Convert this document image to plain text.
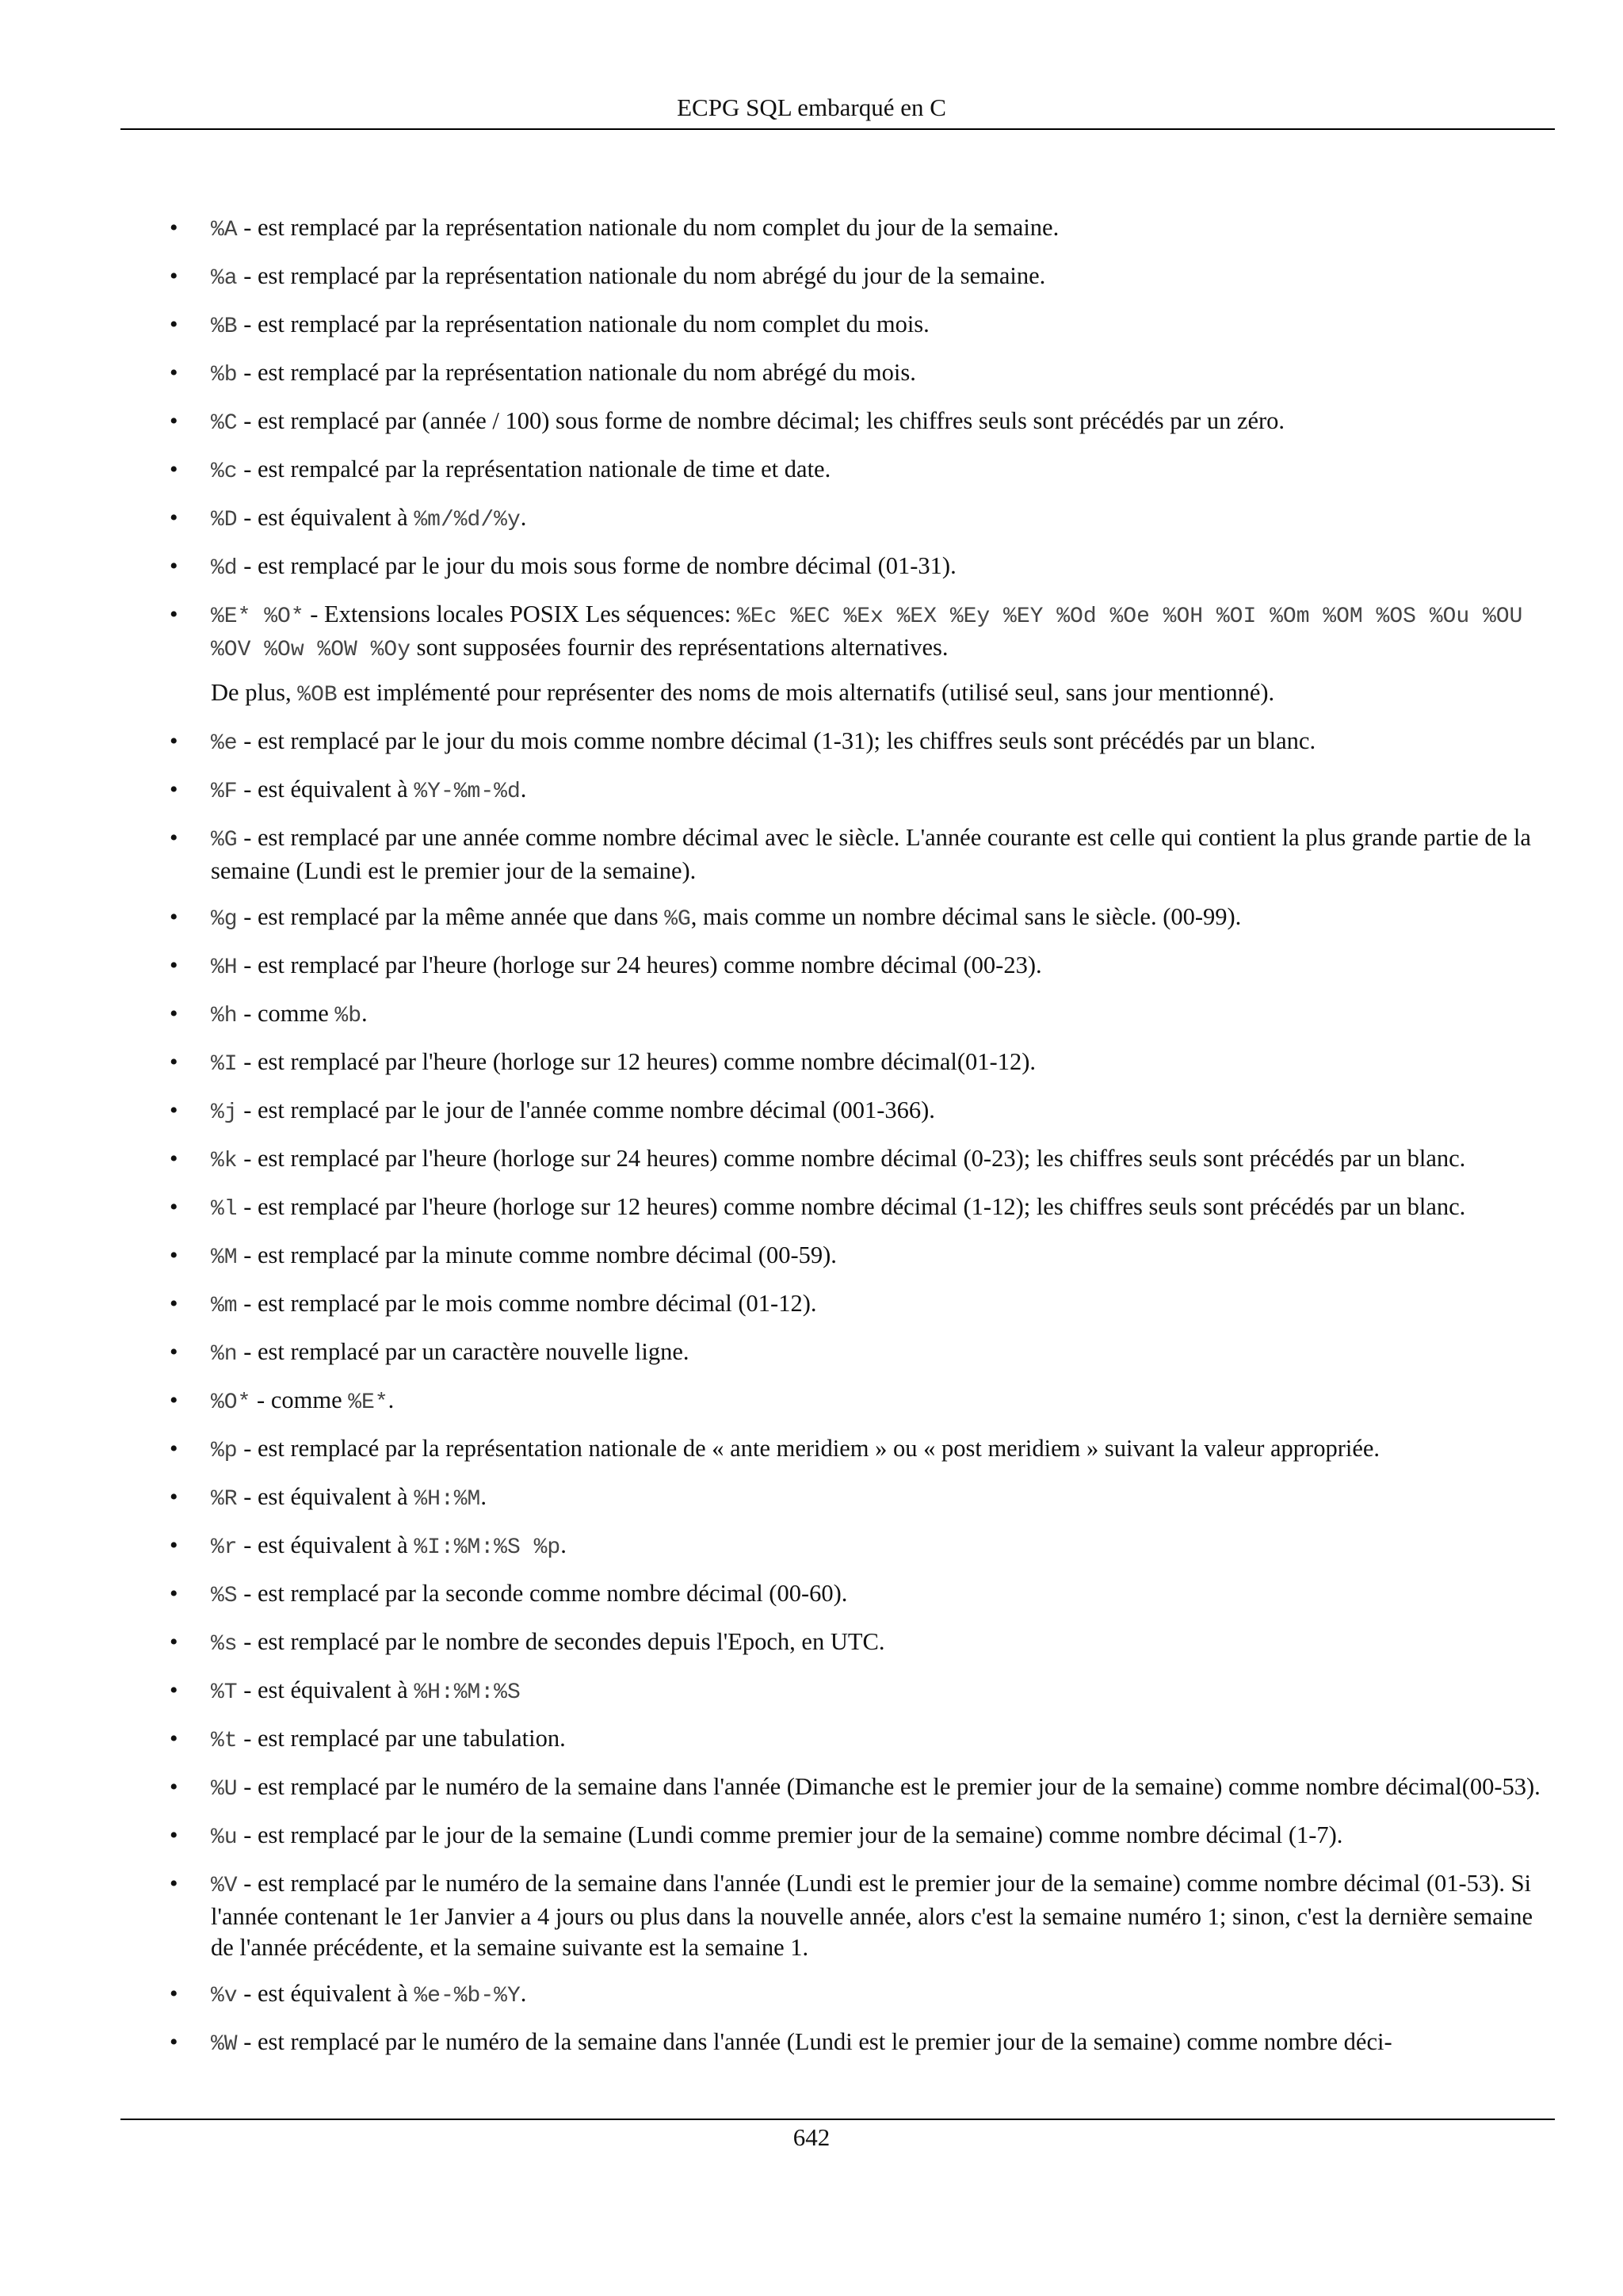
ECPG SQL embarqué en C
• %A - est remplacé par la représentation nationale du nom complet du jour de la semaine.
• %a - est remplacé par la représentation nationale du nom abrégé du jour de la semaine.
• %B - est remplacé par la représentation nationale du nom complet du mois.
• %b - est remplacé par la représentation nationale du nom abrégé du mois.
• %C - est remplacé par (année / 100) sous forme de nombre décimal; les chiffres seuls sont précédés par un zéro.
• %c - est rempalcé par la représentation nationale de time et date.
• %D - est équivalent à %m/%d/%y.
• %d - est remplacé par le jour du mois sous forme de nombre décimal (01-31).
• %E* %O* - Extensions locales POSIX Les séquences: %Ec %EC %Ex %EX %Ey %EY %Od %Oe %OH %OI %Om %OM %OS %Ou %OU %OV %Ow %OW %Oy sont supposées fournir des représentations alternatives.
De plus, %OB est implémenté pour représenter des noms de mois alternatifs (utilisé seul, sans jour mentionné).
• %e - est remplacé par le jour du mois comme nombre décimal (1-31); les chiffres seuls sont précédés par un blanc.
• %F - est équivalent à %Y-%m-%d.
• %G - est remplacé par une année comme nombre décimal avec le siècle. L'année courante est celle qui contient la plus grande partie de la semaine (Lundi est le premier jour de la semaine).
• %g - est remplacé par la même année que dans %G, mais comme un nombre décimal sans le siècle. (00-99).
• %H - est remplacé par l'heure (horloge sur 24 heures) comme nombre décimal (00-23).
• %h - comme %b.
• %I - est remplacé par l'heure (horloge sur 12 heures) comme nombre décimal(01-12).
• %j - est remplacé par le jour de l'année comme nombre décimal (001-366).
• %k - est remplacé par l'heure (horloge sur 24 heures) comme nombre décimal (0-23); les chiffres seuls sont précédés par un blanc.
• %l - est remplacé par l'heure (horloge sur 12 heures) comme nombre décimal (1-12); les chiffres seuls sont précédés par un blanc.
• %M - est remplacé par la minute comme nombre décimal (00-59).
• %m - est remplacé par le mois comme nombre décimal (01-12).
• %n - est remplacé par un caractère nouvelle ligne.
• %O* - comme %E*.
• %p - est remplacé par la représentation nationale de « ante meridiem » ou « post meridiem » suivant la valeur appropriée.
• %R - est équivalent à %H:%M.
• %r - est équivalent à %I:%M:%S %p.
• %S - est remplacé par la seconde comme nombre décimal (00-60).
• %s - est remplacé par le nombre de secondes depuis l'Epoch, en UTC.
• %T - est équivalent à %H:%M:%S
• %t - est remplacé par une tabulation.
• %U - est remplacé par le numéro de la semaine dans l'année (Dimanche est le premier jour de la semaine) comme nombre décimal(00-53).
• %u - est remplacé par le jour de la semaine (Lundi comme premier jour de la semaine) comme nombre décimal (1-7).
• %V - est remplacé par le numéro de la semaine dans l'année (Lundi est le premier jour de la semaine) comme nombre décimal (01-53). Si l'année contenant le 1er Janvier a 4 jours ou plus dans la nouvelle année, alors c'est la semaine numéro 1; sinon, c'est la dernière semaine de l'année précédente, et la semaine suivante est la semaine 1.
• %v - est équivalent à %e-%b-%Y.
• %W - est remplacé par le numéro de la semaine dans l'année (Lundi est le premier jour de la semaine) comme nombre déci-
642
